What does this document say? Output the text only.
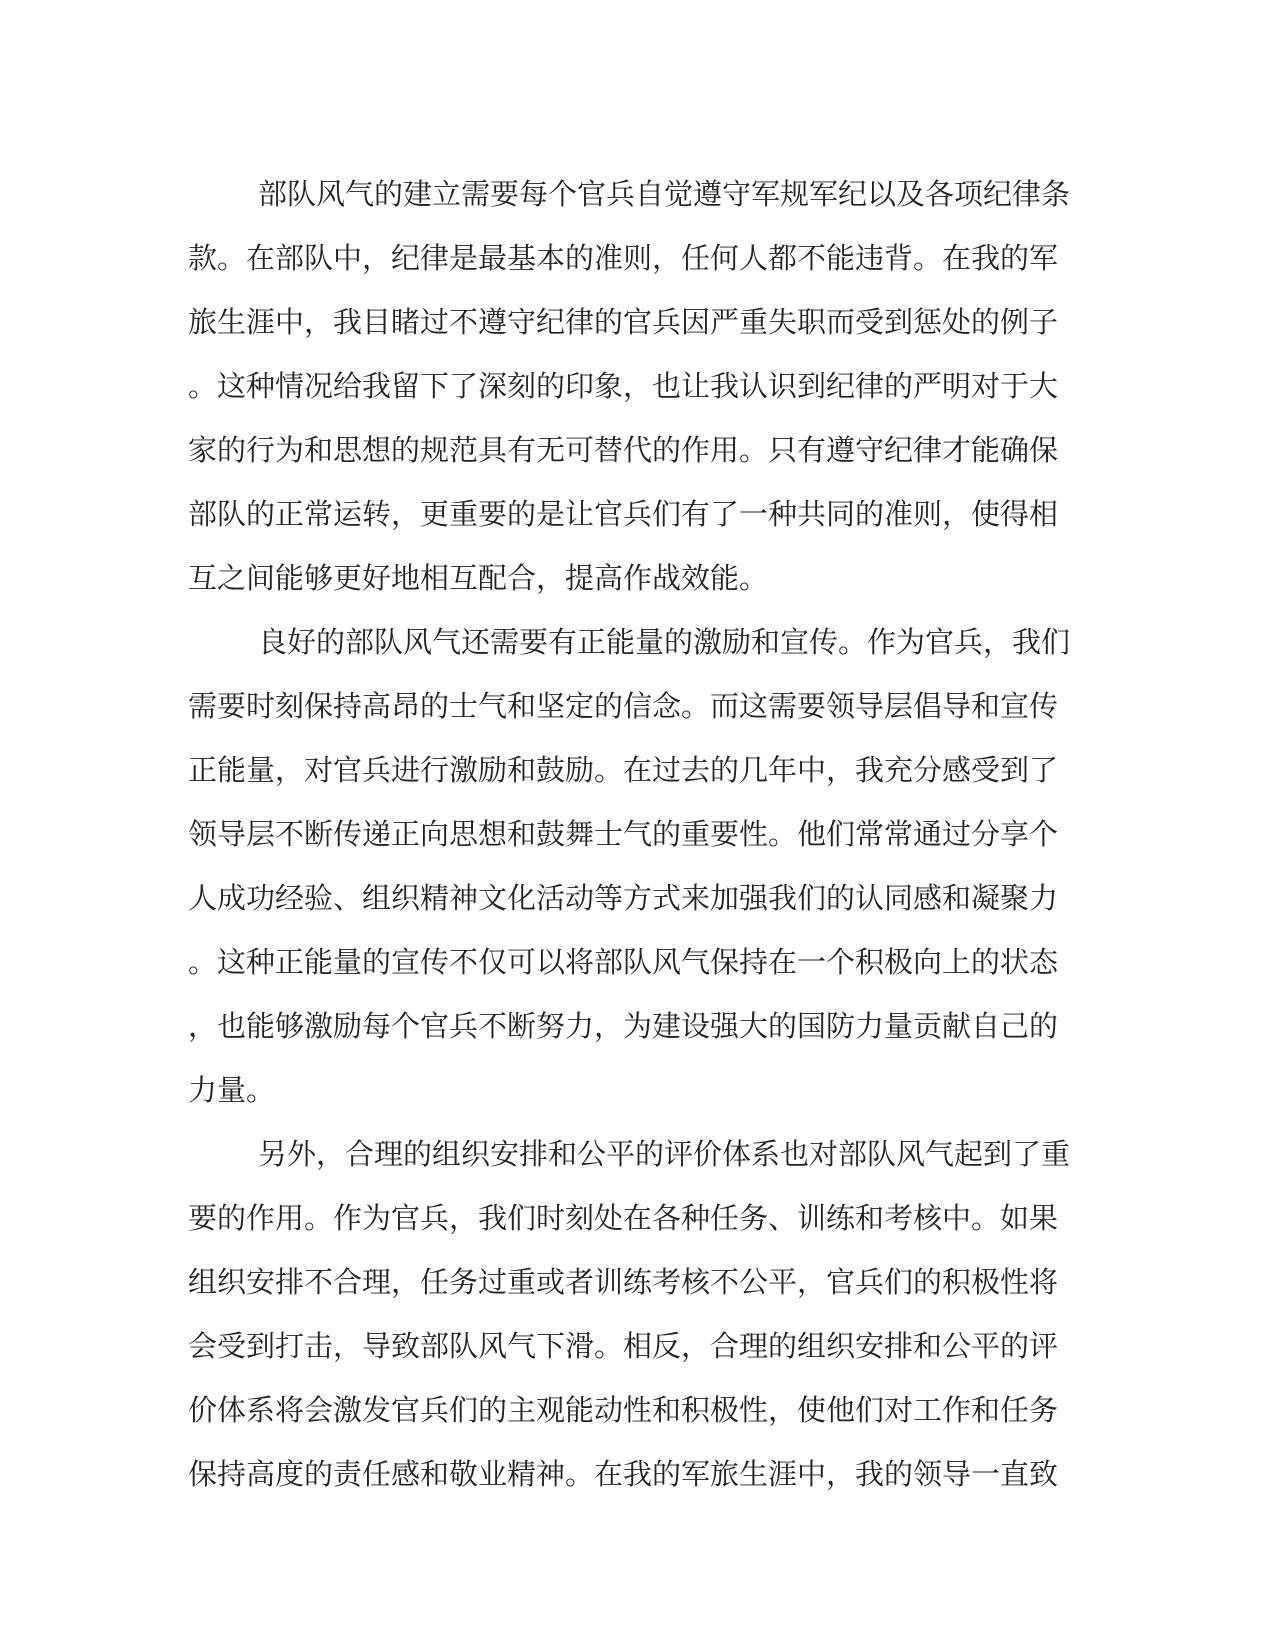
部队风气的建立需要每个官兵自觉遵守军规军纪以及各项纪律条
款。在部队中，纪律是最基本的准则，任何人都不能违背。在我的军
旅生涯中，我目睹过不遵守纪律的官兵因严重失职而受到惩处的例子
。这种情况给我留下了深刻的印象，也让我认识到纪律的严明对于大
家的行为和思想的规范具有无可替代的作用。只有遵守纪律才能确保
部队的正常运转，更重要的是让官兵们有了一种共同的准则，使得相
互之间能够更好地相互配合，提高作战效能。
良好的部队风气还需要有正能量的激励和宣传。作为官兵，我们
需要时刻保持高昂的士气和坚定的信念。而这需要领导层倡导和宣传
正能量，对官兵进行激励和鼓励。在过去的几年中，我充分感受到了
领导层不断传递正向思想和鼓舞士气的重要性。他们常常通过分享个
人成功经验、组织精神文化活动等方式来加强我们的认同感和凝聚力
。这种正能量的宣传不仅可以将部队风气保持在一个积极向上的状态
，也能够激励每个官兵不断努力，为建设强大的国防力量贡献自己的
力量。
另外，合理的组织安排和公平的评价体系也对部队风气起到了重
要的作用。作为官兵，我们时刻处在各种任务、训练和考核中。如果
组织安排不合理，任务过重或者训练考核不公平，官兵们的积极性将
会受到打击，导致部队风气下滑。相反，合理的组织安排和公平的评
价体系将会激发官兵们的主观能动性和积极性，使他们对工作和任务
保持高度的责任感和敬业精神。在我的军旅生涯中，我的领导一直致
